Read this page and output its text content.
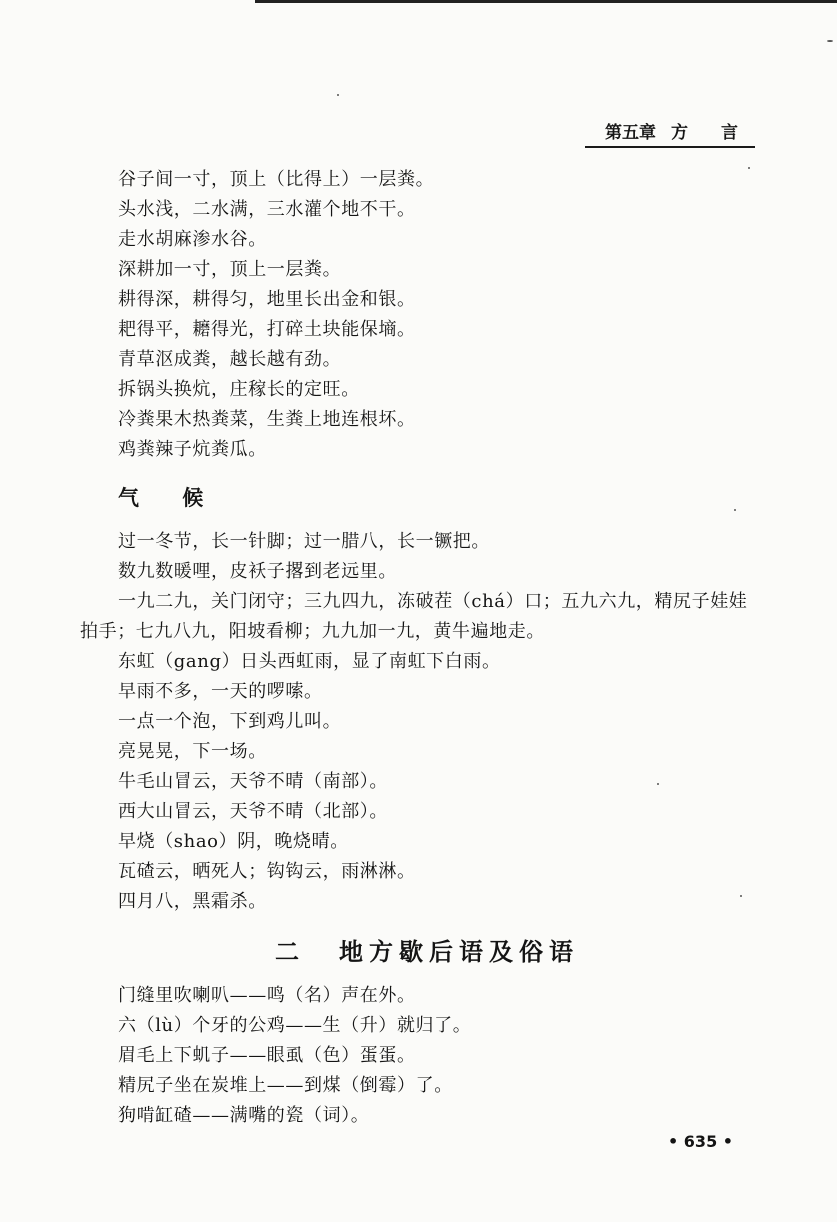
第五章 方 言
谷子间一寸，顶上（比得上）一层粪。
头水浅，二水满，三水灌个地不干。
走水胡麻渗水谷。
深耕加一寸，顶上一层粪。
耕得深，耕得匀，地里长出金和银。
耙得平，耱得光，打碎土块能保墒。
青草沤成粪，越长越有劲。
拆锅头换炕，庄稼长的定旺。
冷粪果木热粪菜，生粪上地连根坏。
鸡粪辣子炕粪瓜。
气 候
过一冬节，长一针脚；过一腊八，长一镢把。
数九数暖哩，皮袄子撂到老远里。
一九二九，关门闭守；三九四九，冻破茬（chá）口；五九六九，精尻子娃娃
拍手；七九八九，阳坡看柳；九九加一九，黄牛遍地走。
东虹（gang）日头西虹雨，显了南虹下白雨。
早雨不多，一天的啰嗦。
一点一个泡，下到鸡儿叫。
亮晃晃，下一场。
牛毛山冒云，天爷不晴（南部）。
西大山冒云，天爷不晴（北部）。
早烧（shao）阴，晚烧晴。
瓦碴云，晒死人；钩钩云，雨淋淋。
四月八，黑霜杀。
二 地方歇后语及俗语
门缝里吹喇叭——鸣（名）声在外。
六（lù）个牙的公鸡——生（升）就归了。
眉毛上下虮子——眼虱（色）蛋蛋。
精尻子坐在炭堆上——到煤（倒霉）了。
狗啃缸碴——满嘴的瓷（词）。
• 635 •
